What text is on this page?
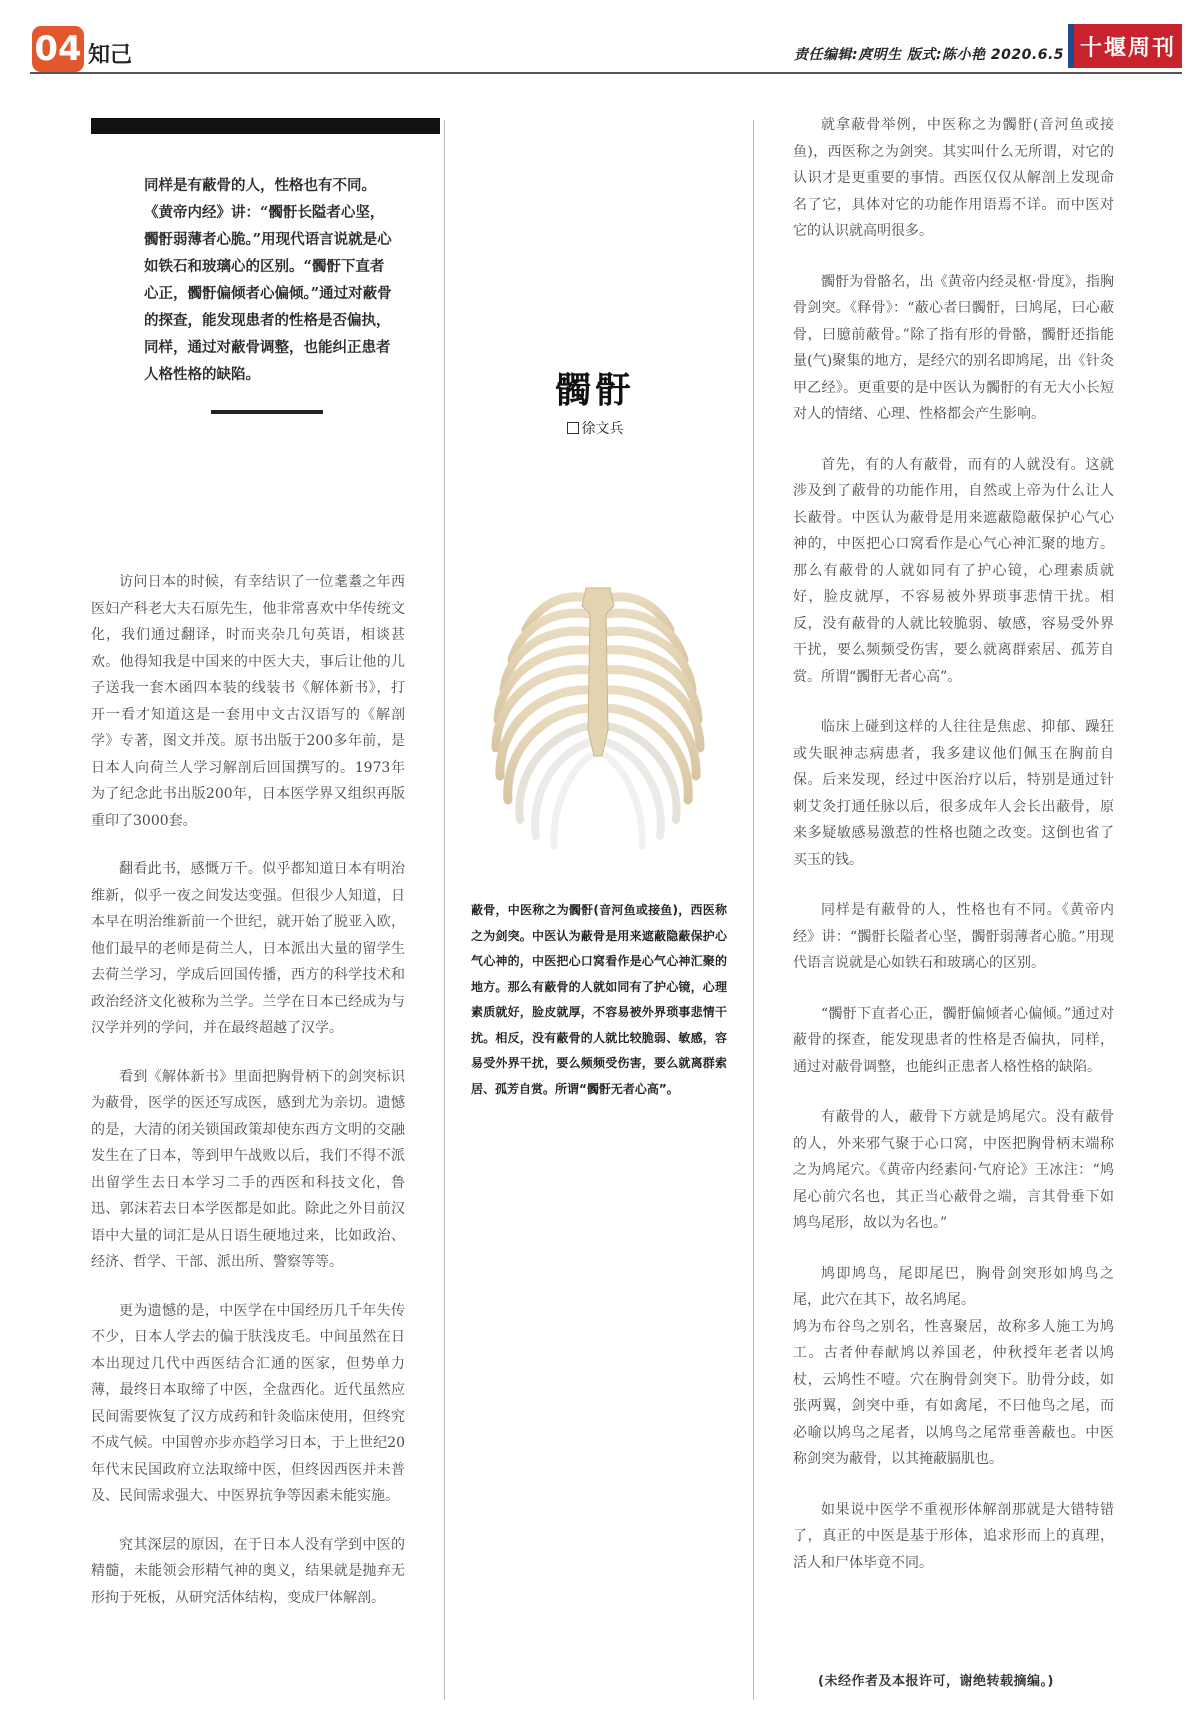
04 知己	责任编辑:庹明生 版式:陈小艳 2020.6.5 十堰周刊
同样是有蔽骨的人，性格也有不同。《黄帝内经》讲：“髑骬长隘者心坚，髑骬弱薄者心脆。”用现代语言说就是心如铁石和玻璃心的区别。“髑骬下直者心正，髑骬偏倾者心偏倾。”通过对蔽骨的探查，能发现患者的性格是否偏执，同样，通过对蔽骨调整，也能纠正患者人格性格的缺陷。

访问日本的时候，有幸结识了一位耄耋之年西医妇产科老大夫石原先生，他非常喜欢中华传统文化，我们通过翻译，时而夹杂几句英语，相谈甚欢。他得知我是中国来的中医大夫，事后让他的儿子送我一套木函四本装的线装书《解体新书》，打开一看才知道这是一套用中文古汉语写的《解剖学》专著，图文并茂。原书出版于200多年前，是日本人向荷兰人学习解剖后回国撰写的。1973年为了纪念此书出版200年，日本医学界又组织再版重印了3000套。

翻看此书，感慨万千。似乎都知道日本有明治维新，似乎一夜之间发达变强。但很少人知道，日本早在明治维新前一个世纪，就开始了脱亚入欧，他们最早的老师是荷兰人，日本派出大量的留学生去荷兰学习，学成后回国传播，西方的科学技术和政治经济文化被称为兰学。兰学在日本已经成为与汉学并列的学问，并在最终超越了汉学。

看到《解体新书》里面把胸骨柄下的剑突标识为蔽骨，医学的医还写成医，感到尤为亲切。遗憾的是，大清的闭关锁国政策却使东西方文明的交融发生在了日本，等到甲午战败以后，我们不得不派出留学生去日本学习二手的西医和科技文化，鲁迅、郭沫若去日本学医都是如此。除此之外目前汉语中大量的词汇是从日语生硬地过来，比如政治、经济、哲学、干部、派出所、警察等等。

更为遗憾的是，中医学在中国经历几千年失传不少，日本人学去的偏于肤浅皮毛。中间虽然在日本出现过几代中西医结合汇通的医家，但势单力薄，最终日本取缔了中医，全盘西化。近代虽然应民间需要恢复了汉方成药和针灸临床使用，但终究不成气候。中国曾亦步亦趋学习日本，于上世纪20年代末民国政府立法取缔中医，但终因西医并未普及、民间需求强大、中医界抗争等因素未能实施。

究其深层的原因，在于日本人没有学到中医的精髓，未能领会形精气神的奥义，结果就是抛弃无形拘于死板，从研究活体结构，变成尸体解剖。

髑骬
徐文兵
蔽骨，中医称之为髑骬(音河鱼或接鱼)，西医称之为剑突。中医认为蔽骨是用来遮蔽隐蔽保护心气心神的，中医把心口窝看作是心气心神汇聚的地方。那么有蔽骨的人就如同有了护心镜，心理素质就好，脸皮就厚，不容易被外界琐事悲情干扰。相反，没有蔽骨的人就比较脆弱、敏感，容易受外界干扰，要么频频受伤害，要么就离群索居、孤芳自赏。所谓“髑骬无者心高”。

就拿蔽骨举例，中医称之为髑骬(音河鱼或接鱼)，西医称之为剑突。其实叫什么无所谓，对它的认识才是更重要的事情。西医仅仅从解剖上发现命名了它，具体对它的功能作用语焉不详。而中医对它的认识就高明很多。

髑骬为骨骼名，出《黄帝内经灵枢·骨度》，指胸骨剑突。《释骨》：“蔽心者曰髑骬，曰鸠尾，曰心蔽骨，曰臆前蔽骨。”除了指有形的骨骼，髑骬还指能量(气)聚集的地方，是经穴的别名即鸠尾，出《针灸甲乙经》。更重要的是中医认为髑骬的有无大小长短对人的情绪、心理、性格都会产生影响。

首先，有的人有蔽骨，而有的人就没有。这就涉及到了蔽骨的功能作用，自然或上帝为什么让人长蔽骨。中医认为蔽骨是用来遮蔽隐蔽保护心气心神的，中医把心口窝看作是心气心神汇聚的地方。那么有蔽骨的人就如同有了护心镜，心理素质就好，脸皮就厚，不容易被外界琐事悲情干扰。相反，没有蔽骨的人就比较脆弱、敏感，容易受外界干扰，要么频频受伤害，要么就离群索居、孤芳自赏。所谓“髑骬无者心高”。

临床上碰到这样的人往往是焦虑、抑郁、躁狂或失眠神志病患者，我多建议他们佩玉在胸前自保。后来发现，经过中医治疗以后，特别是通过针刺艾灸打通任脉以后，很多成年人会长出蔽骨，原来多疑敏感易激惹的性格也随之改变。这倒也省了买玉的钱。

同样是有蔽骨的人，性格也有不同。《黄帝内经》讲：“髑骬长隘者心坚，髑骬弱薄者心脆。”用现代语言说就是心如铁石和玻璃心的区别。

“髑骬下直者心正，髑骬偏倾者心偏倾。”通过对蔽骨的探查，能发现患者的性格是否偏执，同样，通过对蔽骨调整，也能纠正患者人格性格的缺陷。

有蔽骨的人，蔽骨下方就是鸠尾穴。没有蔽骨的人，外来邪气聚于心口窝，中医把胸骨柄末端称之为鸠尾穴。《黄帝内经素问·气府论》王冰注：“鸠尾心前穴名也，其正当心蔽骨之端，言其骨垂下如鸠鸟尾形，故以为名也。”

鸠即鸠鸟，尾即尾巴，胸骨剑突形如鸠鸟之尾，此穴在其下，故名鸠尾。
鸠为布谷鸟之别名，性喜聚居，故称多人施工为鸠工。古者仲春献鸠以养国老，仲秋授年老者以鸠杖，云鸠性不噎。穴在胸骨剑突下。肋骨分歧，如张两翼，剑突中垂，有如禽尾，不曰他鸟之尾，而必喻以鸠鸟之尾者，以鸠鸟之尾常垂善蔽也。中医称剑突为蔽骨，以其掩蔽膈肌也。

如果说中医学不重视形体解剖那就是大错特错了，真正的中医是基于形体，追求形而上的真理，活人和尸体毕竟不同。

(未经作者及本报许可，谢绝转载摘编。)
